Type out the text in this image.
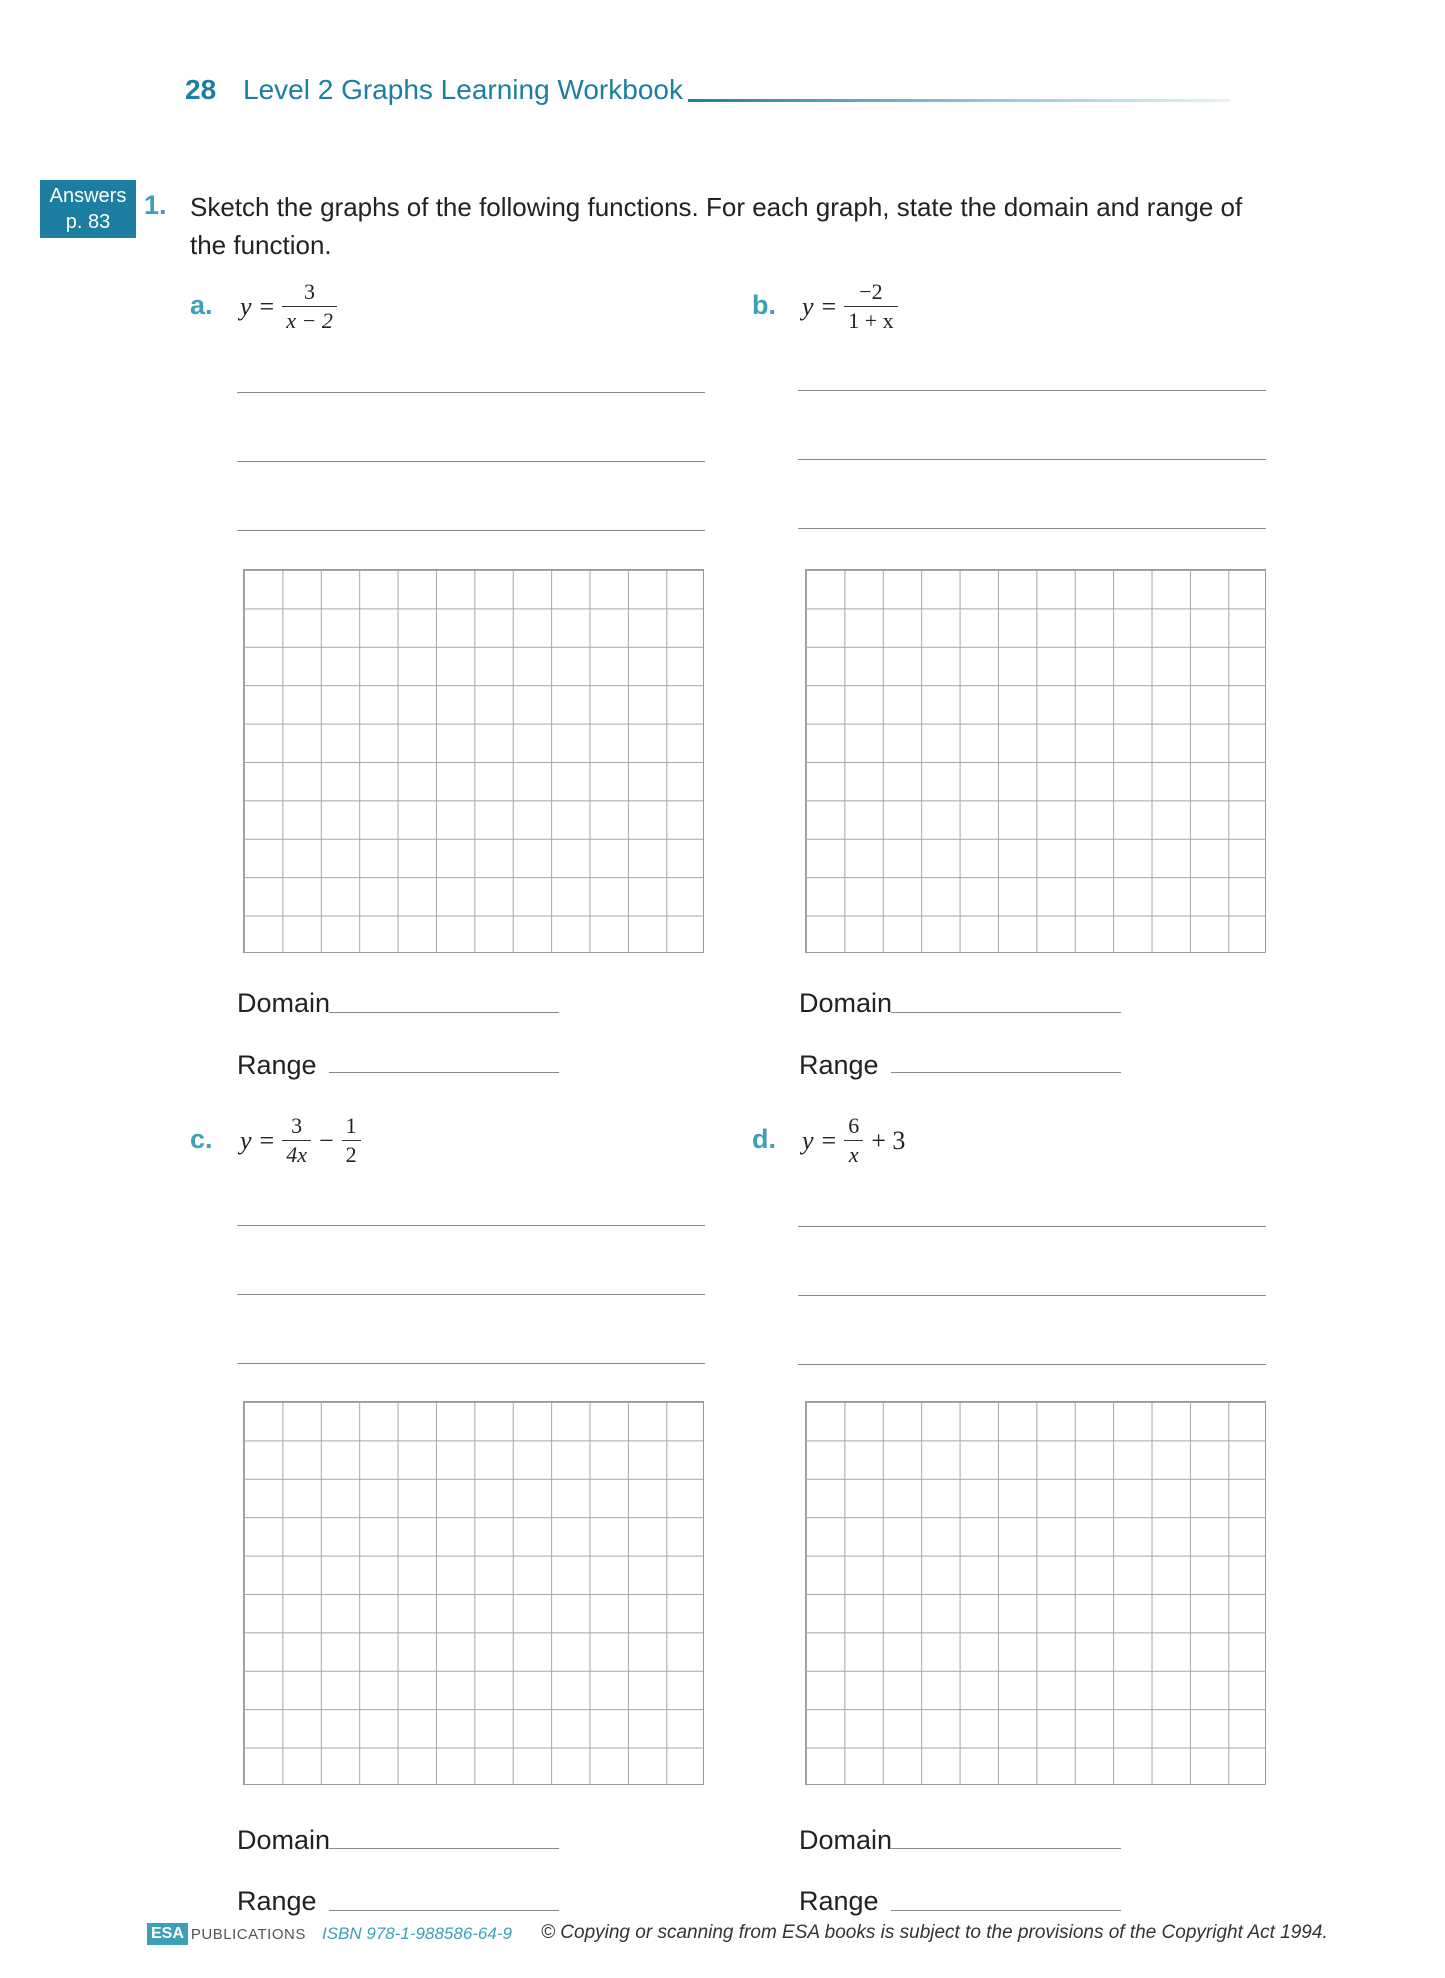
28 Level 2 Graphs Learning Workbook
Answers
p. 83
1. Sketch the graphs of the following functions. For each graph, state the domain and range of the function.
a. $y = \frac{3}{x - 2}$
Domain
Range
b. $y = \frac{-2}{1 + x}$
Domain
Range
c. $y = \frac{3}{4x} - \frac{1}{2}$
Domain
Range
d. $y = \frac{6}{x} + 3$
Domain
Range
ESA PUBLICATIONS ISBN 978-1-988586-64-9 © Copying or scanning from ESA books is subject to the provisions of the Copyright Act 1994.
